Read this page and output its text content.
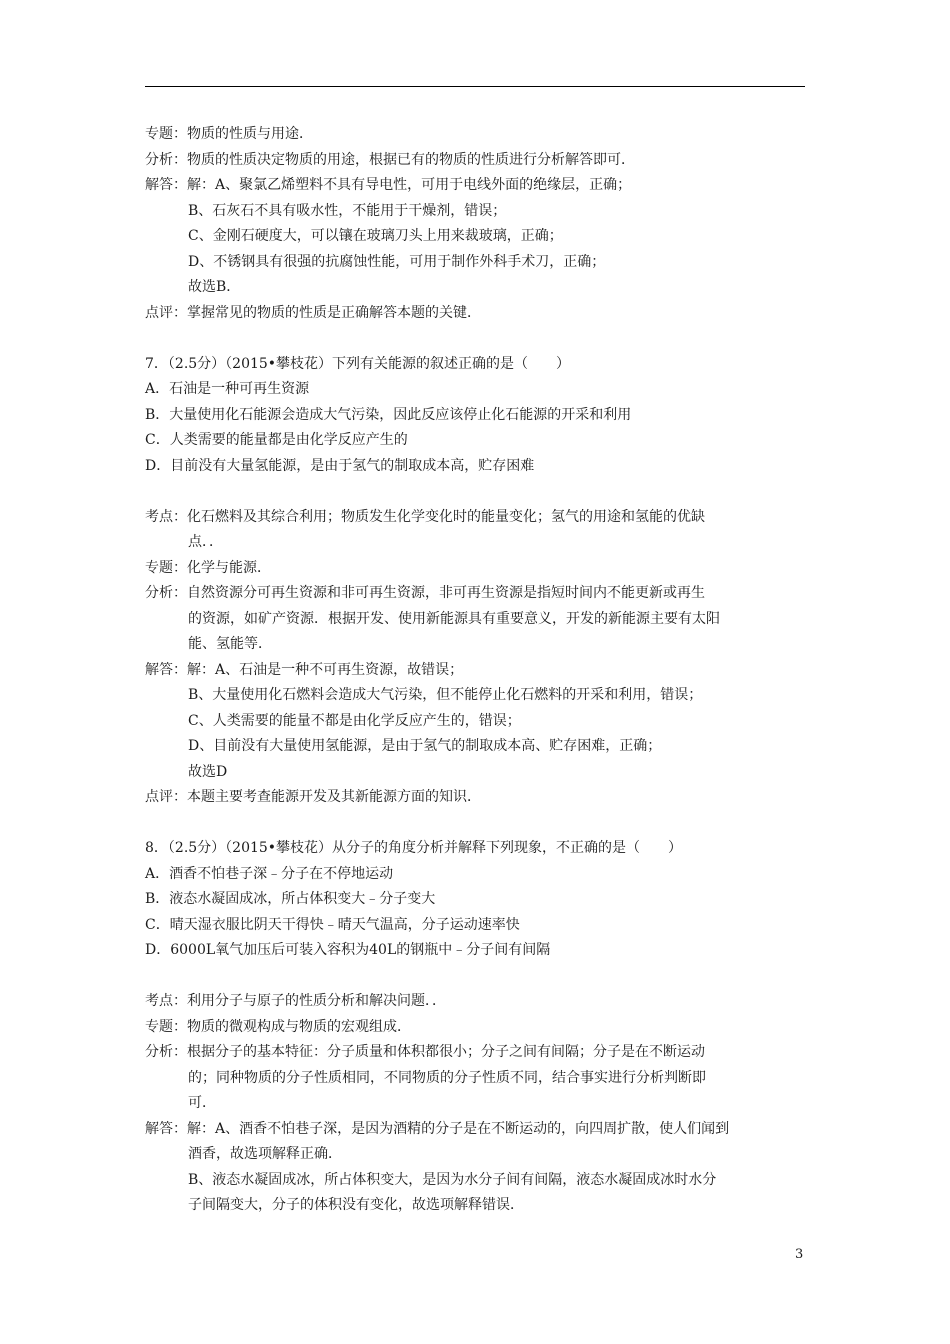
专题： 物质的性质与用途．
分析： 物质的性质决定物质的用途，根据已有的物质的性质进行分析解答即可．
解答： 解：A、聚氯乙烯塑料不具有导电性，可用于电线外面的绝缘层，正确；
B、石灰石不具有吸水性，不能用于干燥剂，错误；
C、金刚石硬度大，可以镶在玻璃刀头上用来裁玻璃，正确；
D、不锈钢具有很强的抗腐蚀性能，可用于制作外科手术刀，正确；
故选B．
点评： 掌握常见的物质的性质是正确解答本题的关键．
7．（2.5分）（2015•攀枝花）下列有关能源的叙述正确的是（　　）
A．石油是一种可再生资源
B．大量使用化石能源会造成大气污染，因此反应该停止化石能源的开采和利用
C．人类需要的能量都是由化学反应产生的
D．目前没有大量氢能源，是由于氢气的制取成本高，贮存困难
考点： 化石燃料及其综合利用；物质发生化学变化时的能量变化；氢气的用途和氢能的优缺
点．．
专题： 化学与能源．
分析： 自然资源分可再生资源和非可再生资源，非可再生资源是指短时间内不能更新或再生
的资源，如矿产资源．根据开发、使用新能源具有重要意义，开发的新能源主要有太阳
能、氢能等．
解答： 解：A、石油是一种不可再生资源，故错误；
B、大量使用化石燃料会造成大气污染，但不能停止化石燃料的开采和利用，错误；
C、人类需要的能量不都是由化学反应产生的，错误；
D、目前没有大量使用氢能源，是由于氢气的制取成本高、贮存困难，正确；
故选D
点评： 本题主要考查能源开发及其新能源方面的知识．
8．（2.5分）（2015•攀枝花）从分子的角度分析并解释下列现象，不正确的是（　　）
A．酒香不怕巷子深﹣分子在不停地运动
B．液态水凝固成冰，所占体积变大﹣分子变大
C．晴天湿衣服比阴天干得快﹣晴天气温高，分子运动速率快
D．6000L氧气加压后可装入容积为40L的钢瓶中﹣分子间有间隔
考点： 利用分子与原子的性质分析和解决问题．．
专题： 物质的微观构成与物质的宏观组成．
分析： 根据分子的基本特征：分子质量和体积都很小；分子之间有间隔；分子是在不断运动
的；同种物质的分子性质相同，不同物质的分子性质不同，结合事实进行分析判断即
可．
解答： 解：A、酒香不怕巷子深，是因为酒精的分子是在不断运动的，向四周扩散，使人们闻到
酒香，故选项解释正确．
B、液态水凝固成冰，所占体积变大，是因为水分子间有间隔，液态水凝固成冰时水分
子间隔变大，分子的体积没有变化，故选项解释错误．
3
